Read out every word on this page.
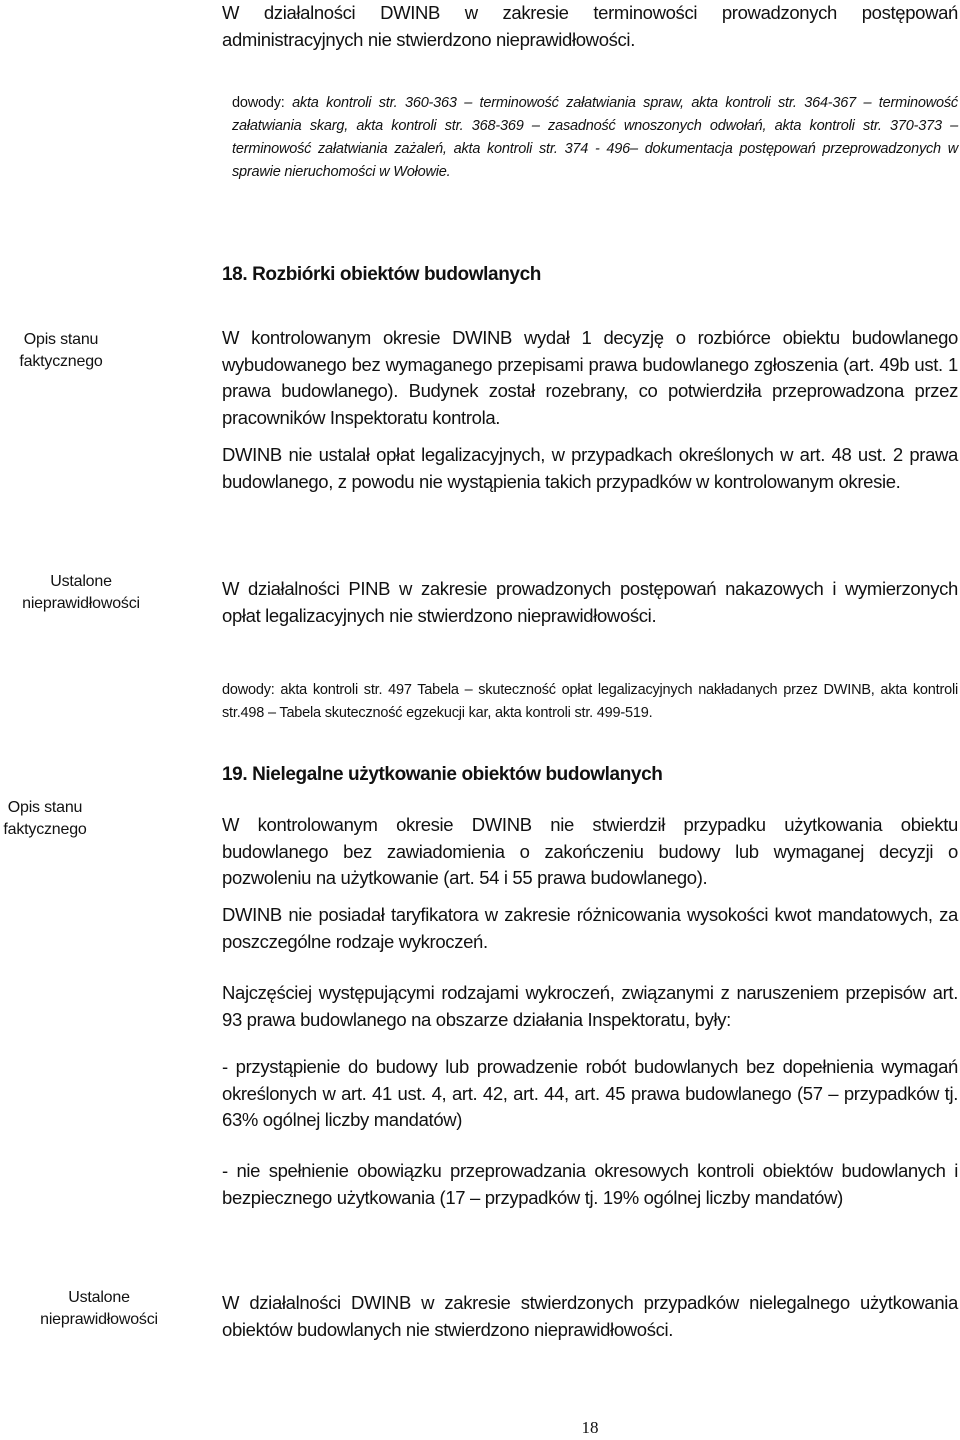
W działalności DWINB w zakresie terminowości prowadzonych postępowań administracyjnych nie stwierdzono nieprawidłowości.

dowody: akta kontroli str. 360-363 – terminowość załatwiania spraw, akta kontroli str. 364-367 – terminowość załatwiania skarg, akta kontroli str. 368-369 – zasadność wnoszonych odwołań, akta kontroli str. 370-373 – terminowość załatwiania zażaleń, akta kontroli str. 374 - 496– dokumentacja postępowań przeprowadzonych w sprawie nieruchomości w Wołowie.

18. Rozbiórki obiektów budowlanych
Opis stanu faktycznego

W kontrolowanym okresie DWINB wydał 1 decyzję o rozbiórce obiektu budowlanego wybudowanego bez wymaganego przepisami prawa budowlanego zgłoszenia (art. 49b ust. 1 prawa budowlanego). Budynek został rozebrany, co potwierdziła przeprowadzona przez pracowników Inspektoratu kontrola.

DWINB nie ustalał opłat legalizacyjnych, w przypadkach określonych w art. 48 ust. 2 prawa budowlanego, z powodu nie wystąpienia takich przypadków w kontrolowanym okresie.

Ustalone nieprawidłowości

W działalności PINB w zakresie prowadzonych postępowań nakazowych i wymierzonych opłat legalizacyjnych nie stwierdzono nieprawidłowości.

dowody: akta kontroli str. 497 Tabela – skuteczność opłat legalizacyjnych nakładanych przez DWINB, akta kontroli str.498 – Tabela skuteczność egzekucji kar, akta kontroli str. 499-519.

19. Nielegalne użytkowanie obiektów budowlanych
Opis stanu faktycznego	W kontrolowanym okresie DWINB nie stwierdził przypadku użytkowania obiektu budowlanego bez zawiadomienia o zakończeniu budowy lub wymaganej decyzji o pozwoleniu na użytkowanie (art. 54 i 55 prawa budowlanego).

DWINB nie posiadał taryfikatora w zakresie różnicowania wysokości kwot mandatowych, za poszczególne rodzaje wykroczeń.

Najczęściej występującymi rodzajami wykroczeń, związanymi z naruszeniem przepisów art. 93 prawa budowlanego na obszarze działania Inspektoratu, były:

- przystąpienie do budowy lub prowadzenie robót budowlanych bez dopełnienia wymagań określonych w art. 41 ust. 4, art. 42, art. 44, art. 45 prawa budowlanego (57 – przypadków tj. 63% ogólnej liczby mandatów)

- nie spełnienie obowiązku przeprowadzania okresowych kontroli obiektów budowlanych i bezpiecznego użytkowania (17 – przypadków tj. 19% ogólnej liczby mandatów)

Ustalone nieprawidłowości

W działalności DWINB w zakresie stwierdzonych przypadków nielegalnego użytkowania obiektów budowlanych nie stwierdzono nieprawidłowości.

18
